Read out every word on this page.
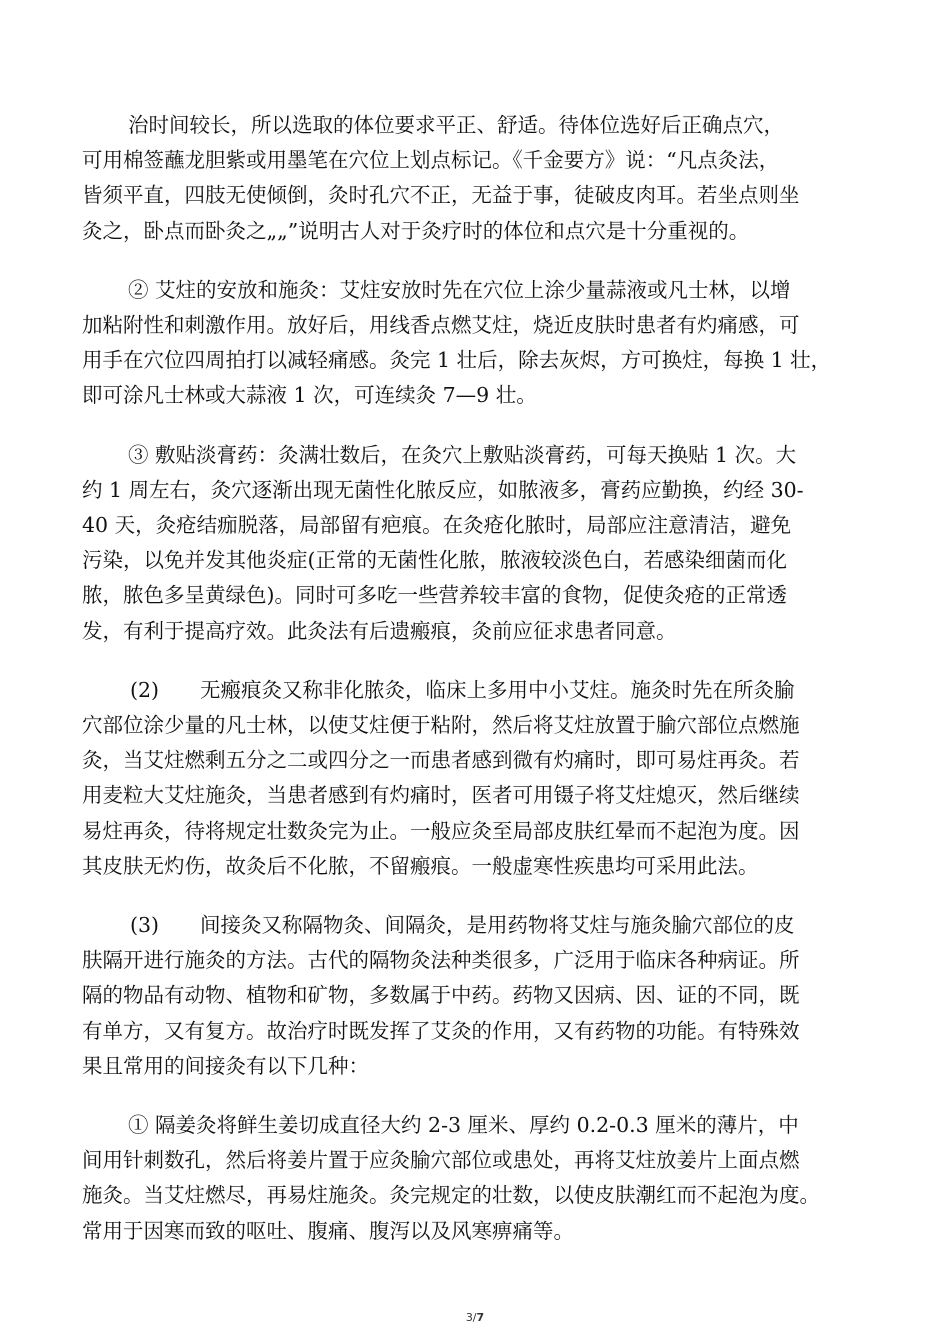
治时间较长，所以选取的体位要求平正、舒适。待体位选好后正确点穴，
可用棉签蘸龙胆紫或用墨笔在穴位上划点标记。《千金要方》说：“凡点灸法，
皆须平直，四肢无使倾倒，灸时孔穴不正，无益于事，徒破皮肉耳。若坐点则坐
灸之，卧点而卧灸之„„”说明古人对于灸疗时的体位和点穴是十分重视的。

② 艾炷的安放和施灸：艾炷安放时先在穴位上涂少量蒜液或凡士林，以增
加粘附性和刺激作用。放好后，用线香点燃艾炷，烧近皮肤时患者有灼痛感，可
用手在穴位四周拍打以减轻痛感。灸完 1 壮后，除去灰烬，方可换炷，每换 1 壮，
即可涂凡士林或大蒜液 1 次，可连续灸 7—9 壮。

③ 敷贴淡膏药：灸满壮数后，在灸穴上敷贴淡膏药，可每天换贴 1 次。大
约 1 周左右，灸穴逐渐出现无菌性化脓反应，如脓液多，膏药应勤换，约经 30-
40 天，灸疮结痂脱落，局部留有疤痕。在灸疮化脓时，局部应注意清洁，避免
污染，以免并发其他炎症(正常的无菌性化脓，脓液较淡色白，若感染细菌而化
脓，脓色多呈黄绿色)。同时可多吃一些营养较丰富的食物，促使灸疮的正常透
发，有利于提高疗效。此灸法有后遗瘢痕，灸前应征求患者同意。

(2)　　无瘢痕灸又称非化脓灸，临床上多用中小艾炷。施灸时先在所灸腧
穴部位涂少量的凡士林，以使艾炷便于粘附，然后将艾炷放置于腧穴部位点燃施
灸，当艾炷燃剩五分之二或四分之一而患者感到微有灼痛时，即可易炷再灸。若
用麦粒大艾炷施灸，当患者感到有灼痛时，医者可用镊子将艾炷熄灭，然后继续
易炷再灸，待将规定壮数灸完为止。一般应灸至局部皮肤红晕而不起泡为度。因
其皮肤无灼伤，故灸后不化脓，不留瘢痕。一般虚寒性疾患均可采用此法。

(3)　　间接灸又称隔物灸、间隔灸，是用药物将艾炷与施灸腧穴部位的皮
肤隔开进行施灸的方法。古代的隔物灸法种类很多，广泛用于临床各种病证。所
隔的物品有动物、植物和矿物，多数属于中药。药物又因病、因、证的不同，既
有单方，又有复方。故治疗时既发挥了艾灸的作用，又有药物的功能。有特殊效
果且常用的间接灸有以下几种：

① 隔姜灸将鲜生姜切成直径大约 2-3 厘米、厚约 0.2-0.3 厘米的薄片，中
间用针刺数孔，然后将姜片置于应灸腧穴部位或患处，再将艾炷放姜片上面点燃
施灸。当艾炷燃尽，再易炷施灸。灸完规定的壮数，以使皮肤潮红而不起泡为度。
常用于因寒而致的呕吐、腹痛、腹泻以及风寒痹痛等。

3/7
